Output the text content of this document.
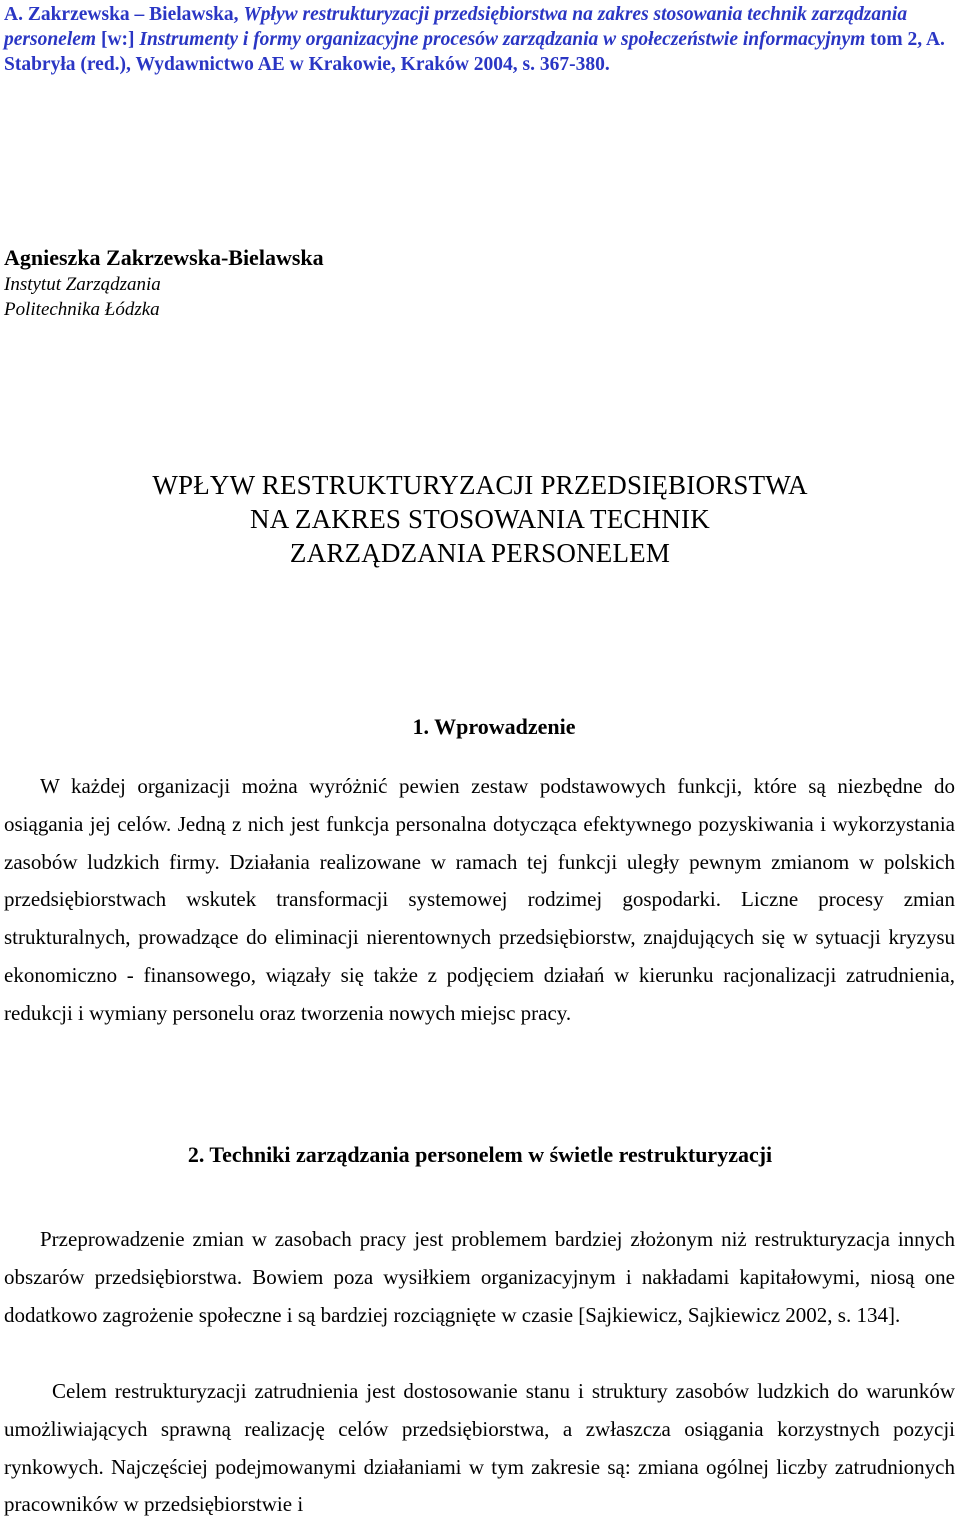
A. Zakrzewska – Bielawska, Wpływ restrukturyzacji przedsiębiorstwa na zakres stosowania technik zarządzania personelem [w:] Instrumenty i formy organizacyjne procesów zarządzania w społeczeństwie informacyjnym tom 2, A. Stabryła (red.), Wydawnictwo AE w Krakowie, Kraków 2004, s. 367-380.
Agnieszka Zakrzewska-Bielawska
Instytut Zarządzania
Politechnika Łódzka
WPŁYW RESTRUKTURYZACJI PRZEDSIĘBIORSTWA
NA ZAKRES STOSOWANIA TECHNIK
ZARZĄDZANIA PERSONELEM
1. Wprowadzenie
W każdej organizacji można wyróżnić pewien zestaw podstawowych funkcji, które są niezbędne do osiągania jej celów. Jedną z nich jest funkcja personalna dotycząca efektywnego pozyskiwania i wykorzystania zasobów ludzkich firmy. Działania realizowane w ramach tej funkcji uległy pewnym zmianom w polskich przedsiębiorstwach wskutek transformacji systemowej rodzimej gospodarki. Liczne procesy zmian strukturalnych, prowadzące do eliminacji nierentownych przedsiębiorstw, znajdujących się w sytuacji kryzysu ekonomiczno - finansowego, wiązały się także z podjęciem działań w kierunku racjonalizacji zatrudnienia, redukcji i wymiany personelu oraz tworzenia nowych miejsc pracy.
2. Techniki zarządzania personelem w świetle restrukturyzacji
Przeprowadzenie zmian w zasobach pracy jest problemem bardziej złożonym niż restrukturyzacja innych obszarów przedsiębiorstwa. Bowiem poza wysiłkiem organizacyjnym i nakładami kapitałowymi, niosą one dodatkowo zagrożenie społeczne i są bardziej rozciągnięte w czasie [Sajkiewicz, Sajkiewicz 2002, s. 134].
Celem restrukturyzacji zatrudnienia jest dostosowanie stanu i struktury zasobów ludzkich do warunków umożliwiających sprawną realizację celów przedsiębiorstwa, a zwłaszcza osiągania korzystnych pozycji rynkowych. Najczęściej podejmowanymi działaniami w tym zakresie są: zmiana ogólnej liczby zatrudnionych pracowników w przedsiębiorstwie i
